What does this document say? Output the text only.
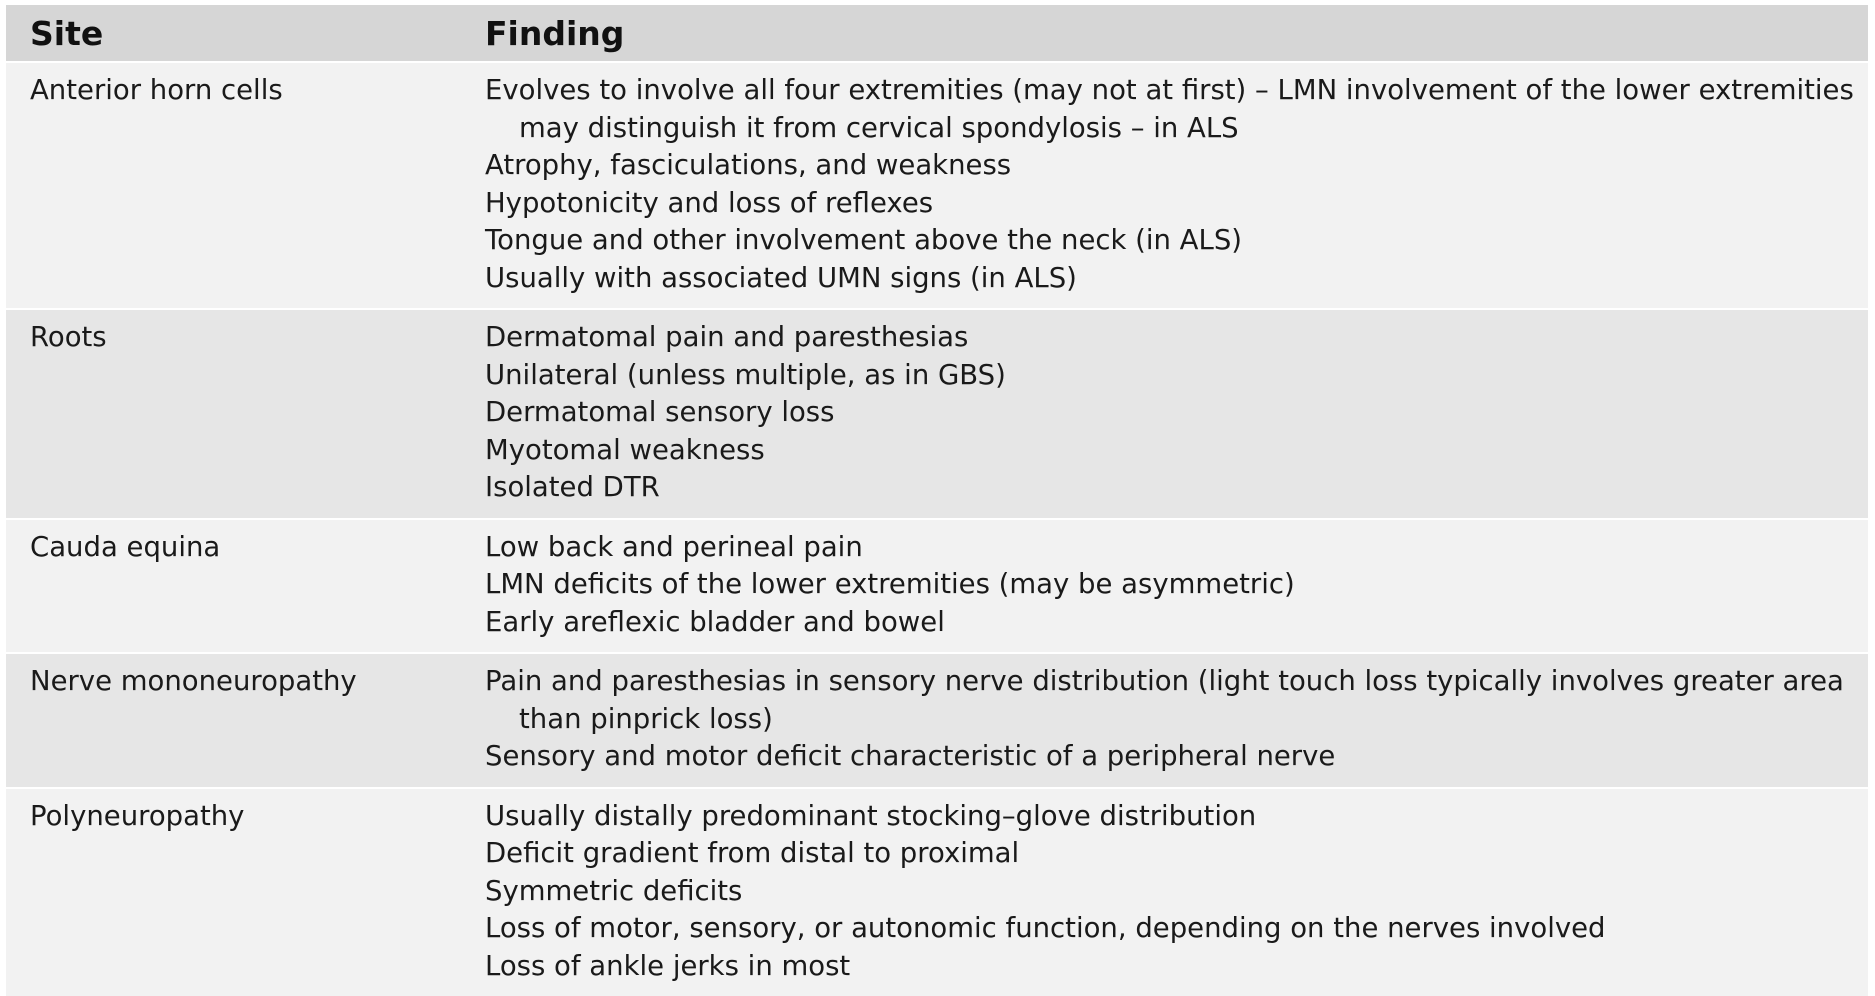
Site	Finding
Anterior horn cells	Evolves to involve all four extremities (may not at first) – LMN involvement of the lower extremities may distinguish it from cervical spondylosis – in ALS
Atrophy, fasciculations, and weakness
Hypotonicity and loss of reflexes
Tongue and other involvement above the neck (in ALS)
Usually with associated UMN signs (in ALS)

Roots	Dermatomal pain and paresthesias
Unilateral (unless multiple, as in GBS)
Dermatomal sensory loss
Myotomal weakness
Isolated DTR

Cauda equina	Low back and perineal pain
LMN deficits of the lower extremities (may be asymmetric)
Early areflexic bladder and bowel

Nerve mononeuropathy	Pain and paresthesias in sensory nerve distribution (light touch loss typically involves greater area than pinprick loss)
Sensory and motor deficit characteristic of a peripheral nerve

Polyneuropathy	Usually distally predominant stocking–glove distribution
Deficit gradient from distal to proximal
Symmetric deficits
Loss of motor, sensory, or autonomic function, depending on the nerves involved
Loss of ankle jerks in most
